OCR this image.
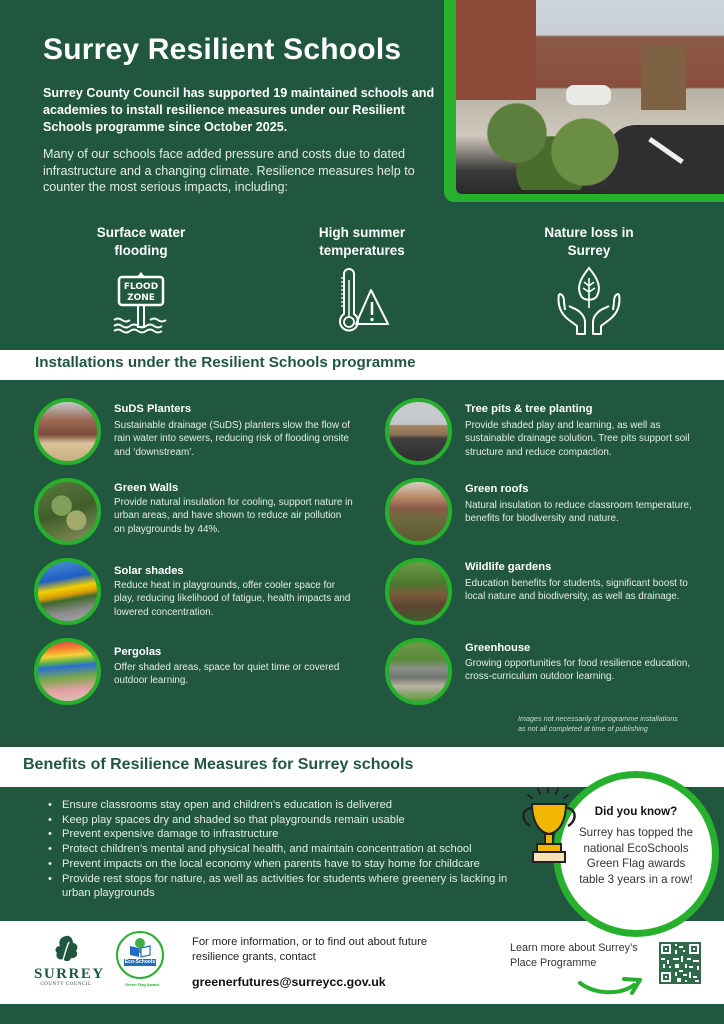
Surrey Resilient Schools

Surrey County Council has supported 19 maintained schools and academies to install resilience measures under our Resilient Schools programme since October 2025.

Many of our schools face added pressure and costs due to dated infrastructure and a changing climate. Resilience measures help to counter the most serious impacts, including:

Surface water flooding
FLOOD
ZONE
High summer temperatures
Nature loss in Surrey
Installations under the Resilient Schools programme
SuDS Planters
Sustainable drainage (SuDS) planters slow the flow of rain water into sewers, reducing risk of flooding onsite and ‘downstream’.
Green Walls
Provide natural insulation for cooling, support nature in urban areas, and have shown to reduce air pollution on playgrounds by 44%.
Solar shades
Reduce heat in playgrounds, offer cooler space for play, reducing likelihood of fatigue, health impacts and lowered concentration.
Pergolas
Offer shaded areas, space for quiet time or covered outdoor learning.
Tree pits & tree planting
Provide shaded play and learning, as well as sustainable drainage solution. Tree pits support soil structure and reduce compaction.
Green roofs
Natural insulation to reduce classroom temperature, benefits for biodiversity and nature.
Wildlife gardens
Education benefits for students, significant boost to local nature and biodiversity, as well as drainage.
Greenhouse
Growing opportunities for food resilience education, cross-curriculum outdoor learning.
Images not necessarily of programme installations
as not all completed at time of publishing
Benefits of Resilience Measures for Surrey schools
• Ensure classrooms stay open and children’s education is delivered
• Keep play spaces dry and shaded so that playgrounds remain usable
• Prevent expensive damage to infrastructure
• Protect children’s mental and physical health, and maintain concentration at school
• Prevent impacts on the local economy when parents have to stay home for childcare
• Provide rest stops for nature, as well as activities for students where greenery is lacking in urban playgrounds
SURREY
COUNTY COUNCIL
Eco-Schools
Green Flag Award
For more information, or to find out about future resilience grants, contact
greenerfutures@surreycc.gov.uk
Learn more about Surrey’s Place Programme
Did you know?
Surrey has topped the national EcoSchools Green Flag awards table 3 years in a row!
